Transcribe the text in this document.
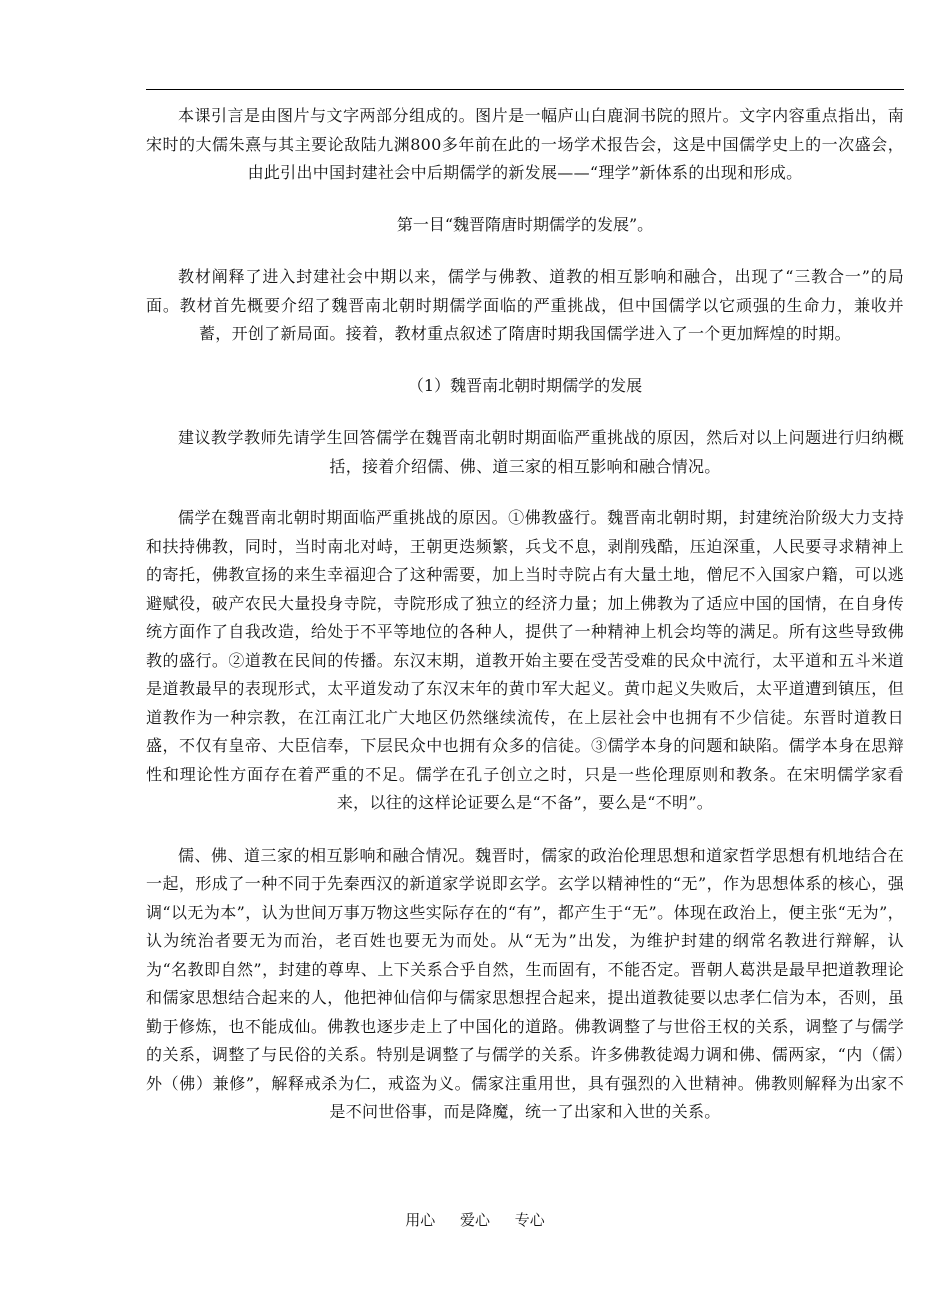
本课引言是由图片与文字两部分组成的。图片是一幅庐山白鹿洞书院的照片。文字内容重点指出，南宋时的大儒朱熹与其主要论敌陆九渊800多年前在此的一场学术报告会，这是中国儒学史上的一次盛会，由此引出中国封建社会中后期儒学的新发展——“理学”新体系的出现和形成。

第一目“魏晋隋唐时期儒学的发展”。

教材阐释了进入封建社会中期以来，儒学与佛教、道教的相互影响和融合，出现了“三教合一”的局面。教材首先概要介绍了魏晋南北朝时期儒学面临的严重挑战，但中国儒学以它顽强的生命力，兼收并蓄，开创了新局面。接着，教材重点叙述了隋唐时期我国儒学进入了一个更加辉煌的时期。

（1）魏晋南北朝时期儒学的发展

建议教学教师先请学生回答儒学在魏晋南北朝时期面临严重挑战的原因，然后对以上问题进行归纳概括，接着介绍儒、佛、道三家的相互影响和融合情况。

儒学在魏晋南北朝时期面临严重挑战的原因。①佛教盛行。魏晋南北朝时期，封建统治阶级大力支持和扶持佛教，同时，当时南北对峙，王朝更迭频繁，兵戈不息，剥削残酷，压迫深重，人民要寻求精神上的寄托，佛教宣扬的来生幸福迎合了这种需要，加上当时寺院占有大量土地，僧尼不入国家户籍，可以逃避赋役，破产农民大量投身寺院，寺院形成了独立的经济力量；加上佛教为了适应中国的国情，在自身传统方面作了自我改造，给处于不平等地位的各种人，提供了一种精神上机会均等的满足。所有这些导致佛教的盛行。②道教在民间的传播。东汉末期，道教开始主要在受苦受难的民众中流行，太平道和五斗米道是道教最早的表现形式，太平道发动了东汉末年的黄巾军大起义。黄巾起义失败后，太平道遭到镇压，但道教作为一种宗教，在江南江北广大地区仍然继续流传，在上层社会中也拥有不少信徒。东晋时道教日盛，不仅有皇帝、大臣信奉，下层民众中也拥有众多的信徒。③儒学本身的问题和缺陷。儒学本身在思辩性和理论性方面存在着严重的不足。儒学在孔子创立之时，只是一些伦理原则和教条。在宋明儒学家看来，以往的这样论证要么是“不备”，要么是“不明”。

儒、佛、道三家的相互影响和融合情况。魏晋时，儒家的政治伦理思想和道家哲学思想有机地结合在一起，形成了一种不同于先秦西汉的新道家学说即玄学。玄学以精神性的“无”，作为思想体系的核心，强调“以无为本”，认为世间万事万物这些实际存在的“有”，都产生于“无”。体现在政治上，便主张“无为”，认为统治者要无为而治，老百姓也要无为而处。从“无为”出发，为维护封建的纲常名教进行辩解，认为“名教即自然”，封建的尊卑、上下关系合乎自然，生而固有，不能否定。晋朝人葛洪是最早把道教理论和儒家思想结合起来的人，他把神仙信仰与儒家思想捏合起来，提出道教徒要以忠孝仁信为本，否则，虽勤于修炼，也不能成仙。佛教也逐步走上了中国化的道路。佛教调整了与世俗王权的关系，调整了与儒学的关系，调整了与民俗的关系。特别是调整了与儒学的关系。许多佛教徒竭力调和佛、儒两家，“内（儒）外（佛）兼修”，解释戒杀为仁，戒盗为义。儒家注重用世，具有强烈的入世精神。佛教则解释为出家不是不问世俗事，而是降魔，统一了出家和入世的关系。

用心 爱心 专心
